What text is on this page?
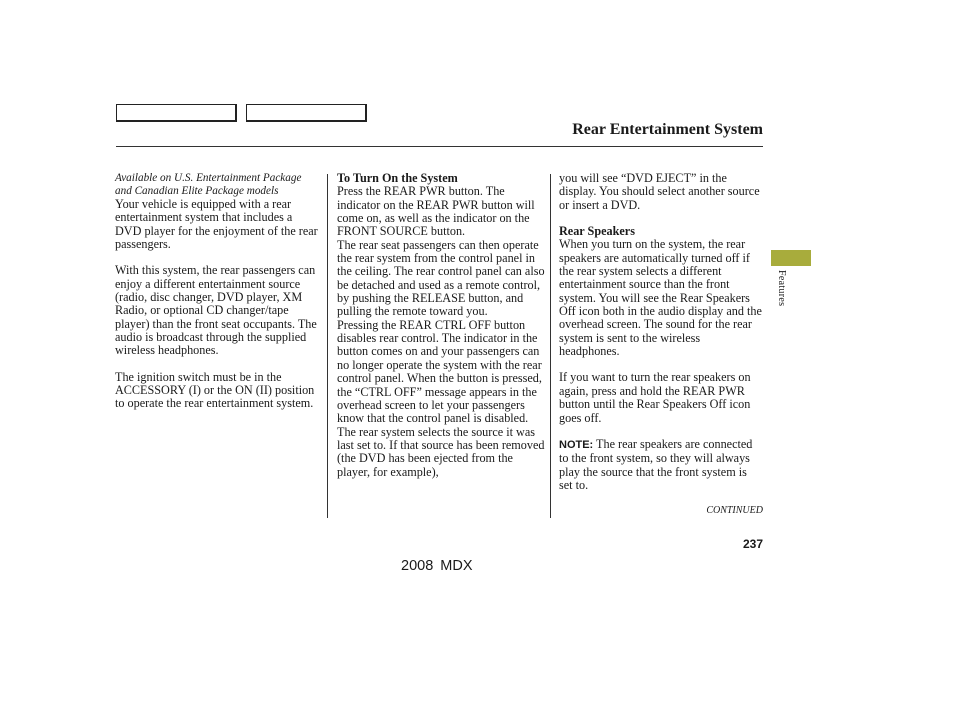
Rear Entertainment System

Available on U.S. Entertainment Package and Canadian Elite Package models

Your vehicle is equipped with a rear entertainment system that includes a DVD player for the enjoyment of the rear passengers.

With this system, the rear passengers can enjoy a different entertainment source (radio, disc changer, DVD player, XM Radio, or optional CD changer/tape player) than the front seat occupants. The audio is broadcast through the supplied wireless headphones.

The ignition switch must be in the ACCESSORY (I) or the ON (II) position to operate the rear entertainment system.

To Turn On the System

Press the REAR PWR button. The indicator on the REAR PWR button will come on, as well as the indicator on the FRONT SOURCE button.

The rear seat passengers can then operate the rear system from the control panel in the ceiling. The rear control panel can also be detached and used as a remote control, by pushing the RELEASE button, and pulling the remote toward you.

Pressing the REAR CTRL OFF button disables rear control. The indicator in the button comes on and your passengers can no longer operate the system with the rear control panel. When the button is pressed, the “CTRL OFF” message appears in the overhead screen to let your passengers know that the control panel is disabled.

The rear system selects the source it was last set to. If that source has been removed (the DVD has been ejected from the player, for example),

you will see “DVD EJECT” in the display. You should select another source or insert a DVD.

Rear Speakers

When you turn on the system, the rear speakers are automatically turned off if the rear system selects a different entertainment source than the front system. You will see the Rear Speakers Off icon both in the audio display and the overhead screen. The sound for the rear system is sent to the wireless headphones.

If you want to turn the rear speakers on again, press and hold the REAR PWR button until the Rear Speakers Off icon goes off.

NOTE: The rear speakers are connected to the front system, so they will always play the source that the front system is set to.

CONTINUED
Features
237
2008 MDX
